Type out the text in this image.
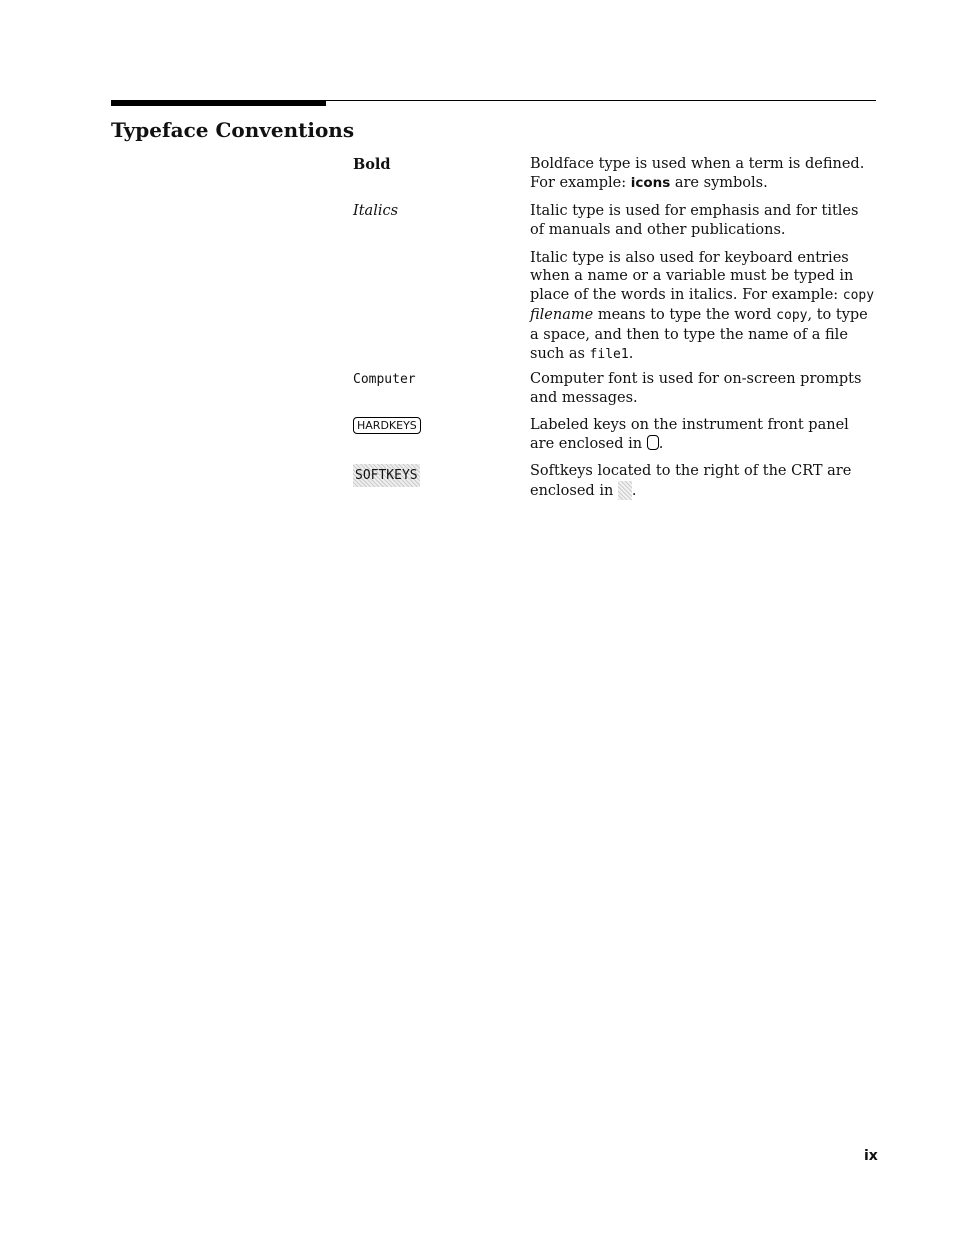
Typeface Conventions
Bold	Boldface type is used when a term is defined. For example: icons are symbols.

Italics	Italic type is used for emphasis and for titles of manuals and other publications.

Italic type is also used for keyboard entries when a name or a variable must be typed in place of the words in italics. For example: copy filename means to type the word copy, to type a space, and then to type the name of a file such as file1.

Computer	Computer font is used for on-screen prompts and messages.
HARDKEYS	Labeled keys on the instrument front panel are enclosed in .

SOFTKEYS	Softkeys located to the right of the CRT are enclosed in .

ix
